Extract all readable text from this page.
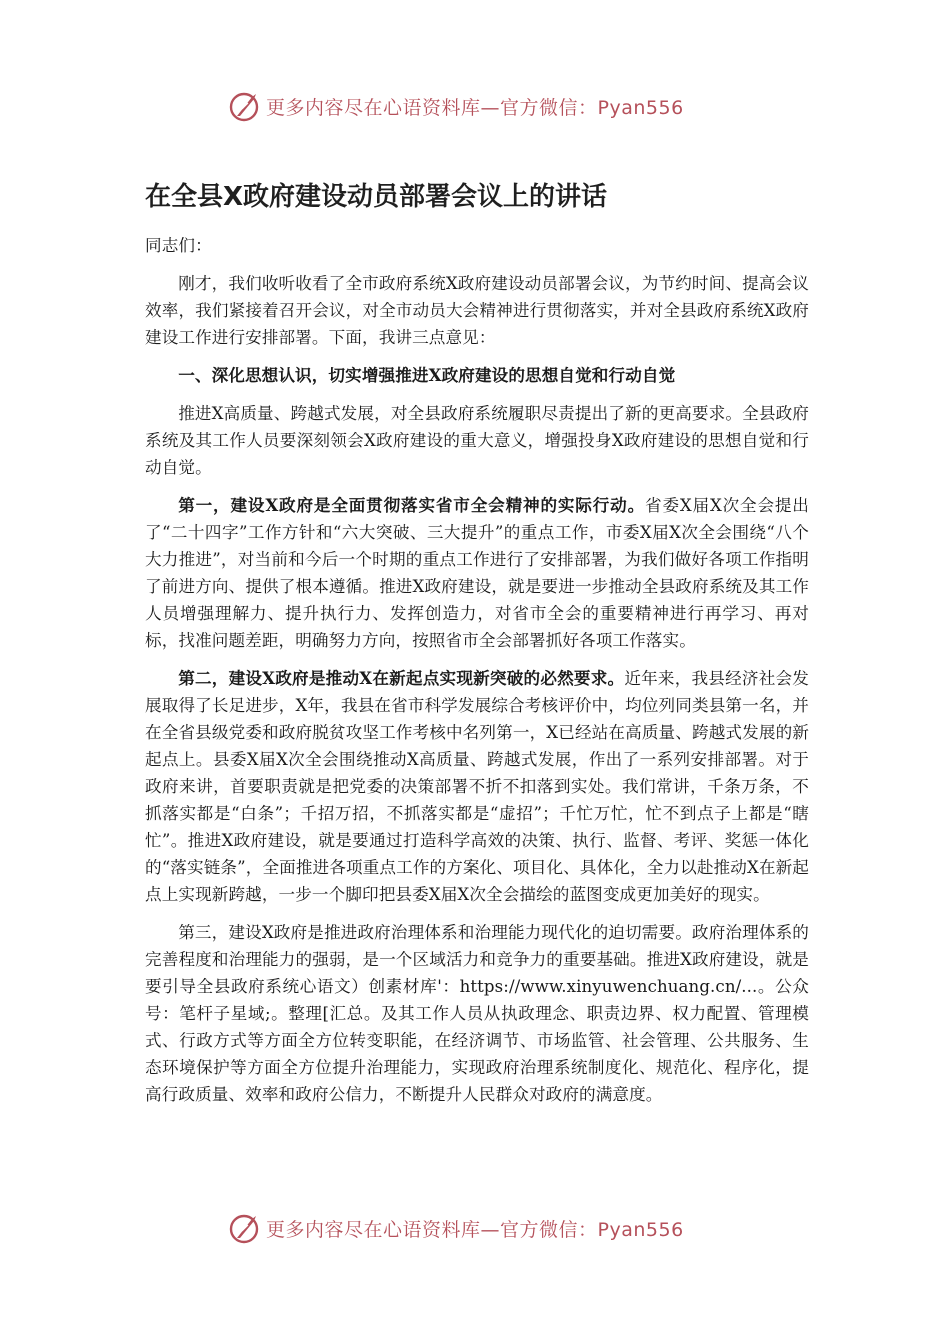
更多内容尽在心语资料库—官方微信：Pyan556
在全县X政府建设动员部署会议上的讲话

同志们：

刚才，我们收听收看了全市政府系统X政府建设动员部署会议，为节约时间、提高会议效率，我们紧接着召开会议，对全市动员大会精神进行贯彻落实，并对全县政府系统X政府建设工作进行安排部署。下面，我讲三点意见：

一、深化思想认识，切实增强推进X政府建设的思想自觉和行动自觉

推进X高质量、跨越式发展，对全县政府系统履职尽责提出了新的更高要求。全县政府系统及其工作人员要深刻领会X政府建设的重大意义，增强投身X政府建设的思想自觉和行动自觉。

第一，建设X政府是全面贯彻落实省市全会精神的实际行动。省委X届X次全会提出了“二十四字”工作方针和“六大突破、三大提升”的重点工作，市委X届X次全会围绕“八个大力推进”，对当前和今后一个时期的重点工作进行了安排部署，为我们做好各项工作指明了前进方向、提供了根本遵循。推进X政府建设，就是要进一步推动全县政府系统及其工作人员增强理解力、提升执行力、发挥创造力，对省市全会的重要精神进行再学习、再对标，找准问题差距，明确努力方向，按照省市全会部署抓好各项工作落实。

第二，建设X政府是推动X在新起点实现新突破的必然要求。近年来，我县经济社会发展取得了长足进步，X年，我县在省市科学发展综合考核评价中，均位列同类县第一名，并在全省县级党委和政府脱贫攻坚工作考核中名列第一，X已经站在高质量、跨越式发展的新起点上。县委X届X次全会围绕推动X高质量、跨越式发展，作出了一系列安排部署。对于政府来讲，首要职责就是把党委的决策部署不折不扣落到实处。我们常讲，千条万条，不抓落实都是“白条”；千招万招，不抓落实都是“虚招”；千忙万忙，忙不到点子上都是“瞎忙”。推进X政府建设，就是要通过打造科学高效的决策、执行、监督、考评、奖惩一体化的“落实链条”，全面推进各项重点工作的方案化、项目化、具体化，全力以赴推动X在新起点上实现新跨越，一步一个脚印把县委X届X次全会描绘的蓝图变成更加美好的现实。

第三，建设X政府是推进政府治理体系和治理能力现代化的迫切需要。政府治理体系的完善程度和治理能力的强弱，是一个区域活力和竞争力的重要基础。推进X政府建设，就是要引导全县政府系统心语文）创素材库'：https://www.xinyuwenchuang.cn/...。公众号：笔杆子星域;。整理[汇总。及其工作人员从执政理念、职责边界、权力配置、管理模式、行政方式等方面全方位转变职能，在经济调节、市场监管、社会管理、公共服务、生态环境保护等方面全方位提升治理能力，实现政府治理系统制度化、规范化、程序化，提高行政质量、效率和政府公信力，不断提升人民群众对政府的满意度。

更多内容尽在心语资料库—官方微信：Pyan556
